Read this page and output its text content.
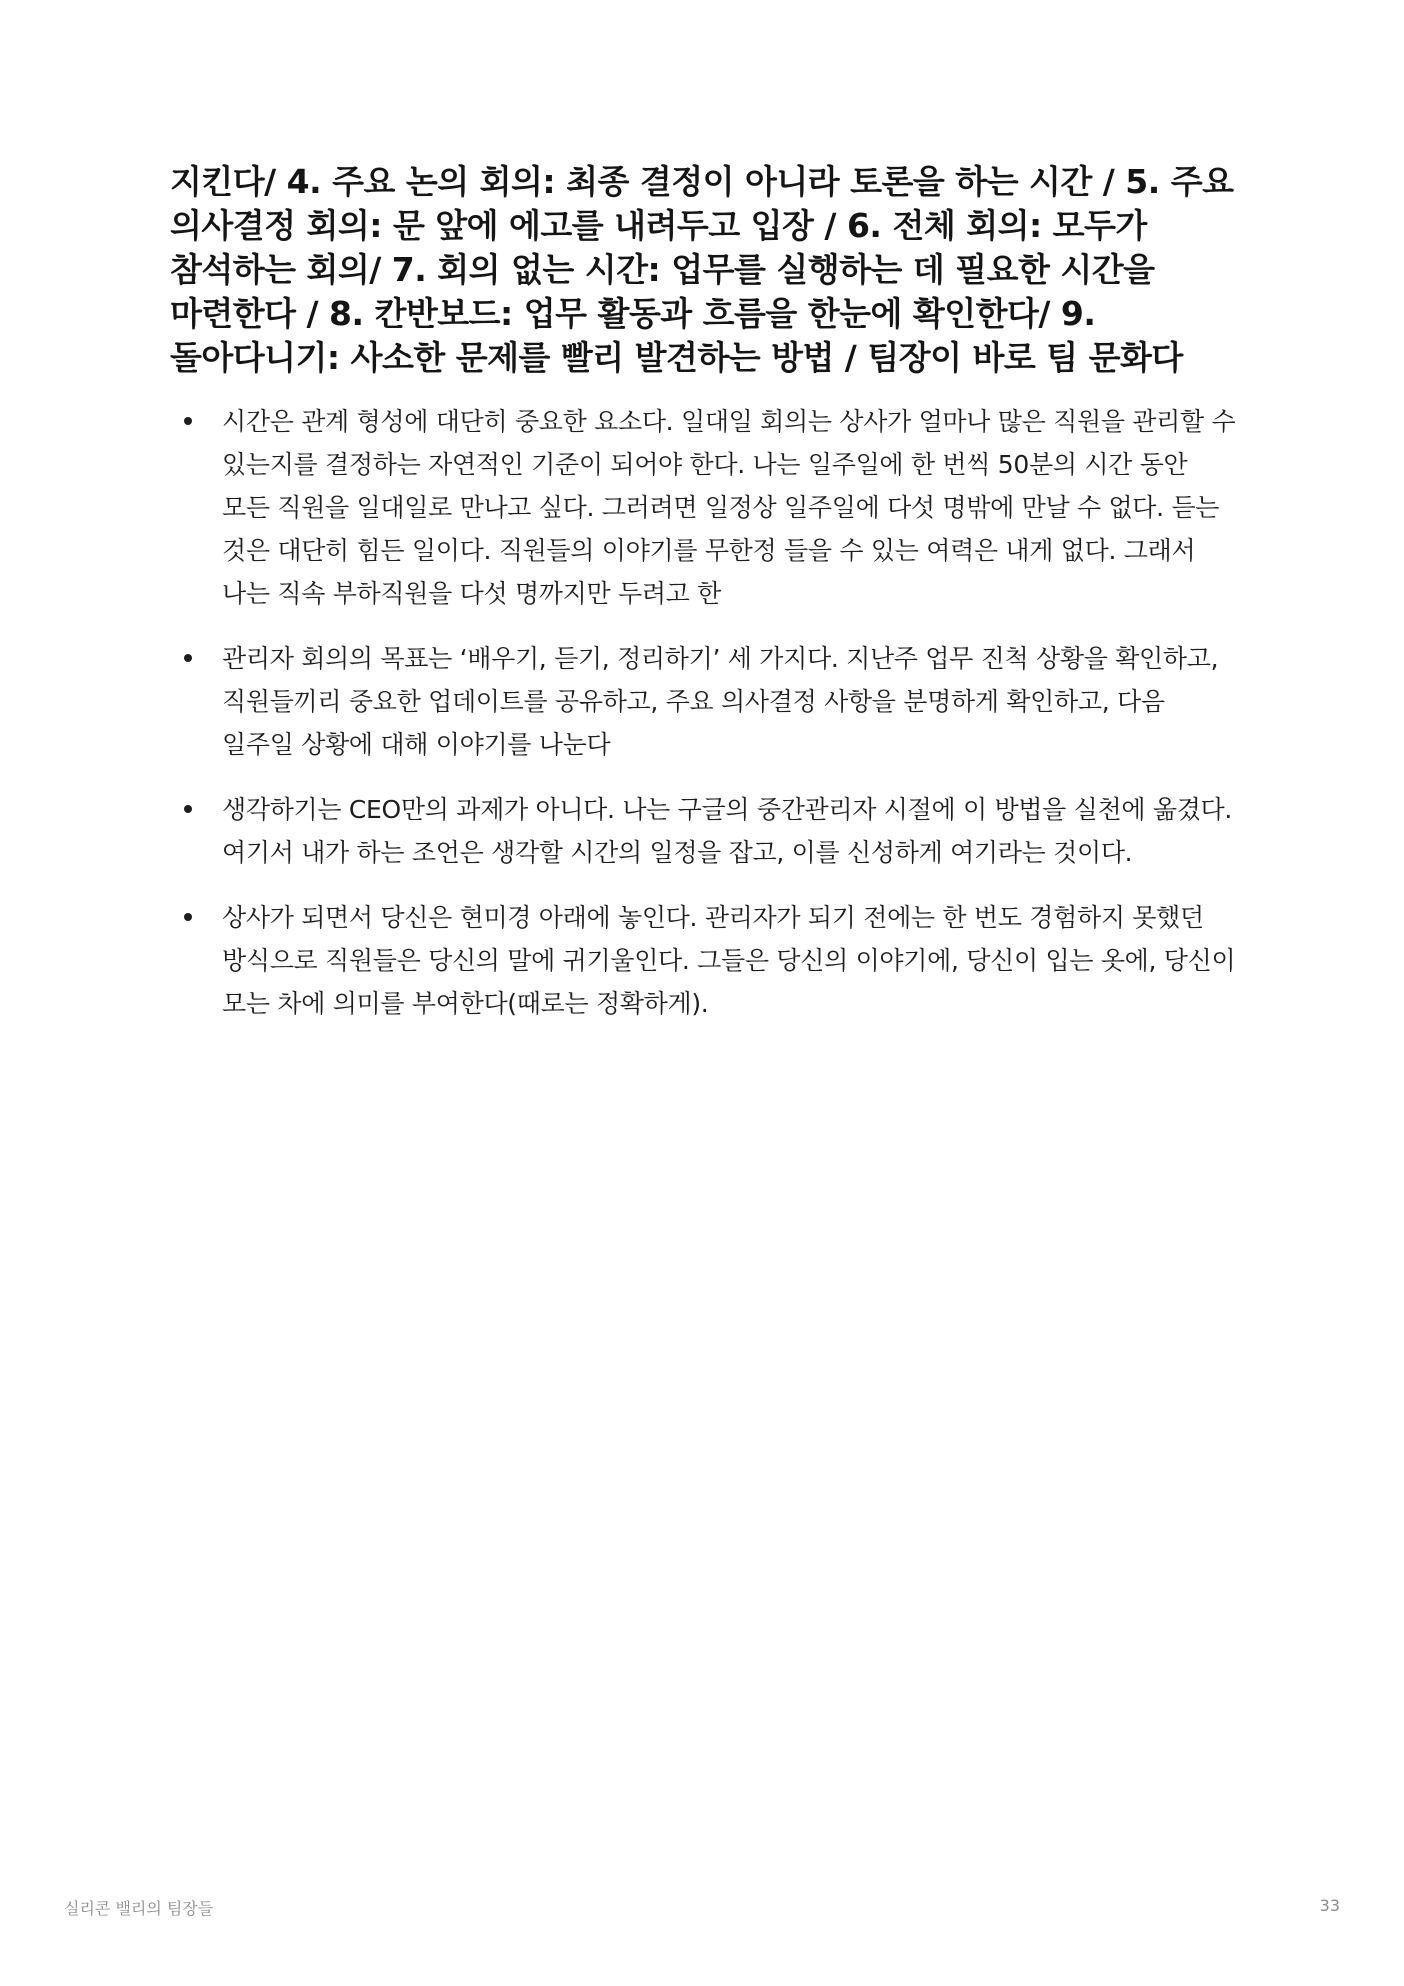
지킨다/ 4. 주요 논의 회의: 최종 결정이 아니라 토론을 하는 시간 / 5. 주요 의사결정 회의: 문 앞에 에고를 내려두고 입장 / 6. 전체 회의: 모두가 참석하는 회의/ 7. 회의 없는 시간: 업무를 실행하는 데 필요한 시간을 마련한다 / 8. 칸반보드: 업무 활동과 흐름을 한눈에 확인한다/ 9. 돌아다니기: 사소한 문제를 빨리 발견하는 방법 / 팀장이 바로 팀 문화다
시간은 관계 형성에 대단히 중요한 요소다. 일대일 회의는 상사가 얼마나 많은 직원을 관리할 수 있는지를 결정하는 자연적인 기준이 되어야 한다. 나는 일주일에 한 번씩 50분의 시간 동안 모든 직원을 일대일로 만나고 싶다. 그러려면 일정상 일주일에 다섯 명밖에 만날 수 없다. 듣는 것은 대단히 힘든 일이다. 직원들의 이야기를 무한정 들을 수 있는 여력은 내게 없다. 그래서 나는 직속 부하직원을 다섯 명까지만 두려고 한
관리자 회의의 목표는 ‘배우기, 듣기, 정리하기’ 세 가지다. 지난주 업무 진척 상황을 확인하고, 직원들끼리 중요한 업데이트를 공유하고, 주요 의사결정 사항을 분명하게 확인하고, 다음 일주일 상황에 대해 이야기를 나눈다
생각하기는 CEO만의 과제가 아니다. 나는 구글의 중간관리자 시절에 이 방법을 실천에 옮겼다. 여기서 내가 하는 조언은 생각할 시간의 일정을 잡고, 이를 신성하게 여기라는 것이다.
상사가 되면서 당신은 현미경 아래에 놓인다. 관리자가 되기 전에는 한 번도 경험하지 못했던 방식으로 직원들은 당신의 말에 귀기울인다. 그들은 당신의 이야기에, 당신이 입는 옷에, 당신이 모는 차에 의미를 부여한다(때로는 정확하게).
실리콘 밸리의 팀장들	33
